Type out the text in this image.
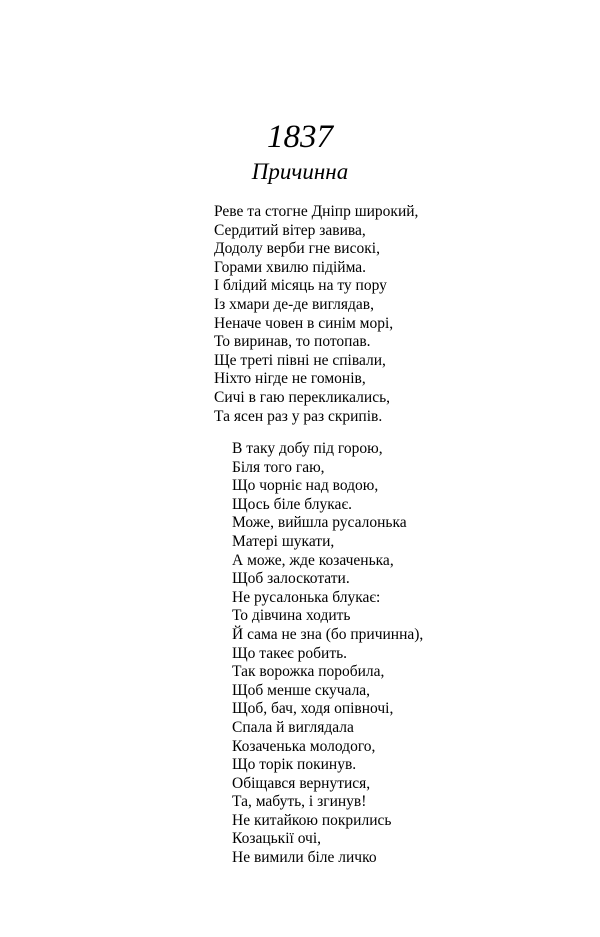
1837
Причинна
Реве та стогне Дніпр широкий,
Сердитий вітер завива,
Додолу верби гне високі,
Горами хвилю підійма.
І блідий місяць на ту пору
Із хмари де-де виглядав,
Неначе човен в синім морі,
То виринав, то потопав.
Ще треті півні не співали,
Ніхто нігде не гомонів,
Сичі в гаю перекликались,
Та ясен раз у раз скрипів.
В таку добу під горою,
Біля того гаю,
Що чорніє над водою,
Щось біле блукає.
Може, вийшла русалонька
Матері шукати,
А може, жде козаченька,
Щоб залоскотати.
Не русалонька блукає:
То дівчина ходить
Й сама не зна (бо причинна),
Що такеє робить.
Так ворожка поробила,
Щоб менше скучала,
Щоб, бач, ходя опівночі,
Спала й виглядала
Козаченька молодого,
Що торік покинув.
Обіщався вернутися,
Та, мабуть, і згинув!
Не китайкою покрились
Козацькії очі,
Не вимили біле личко
